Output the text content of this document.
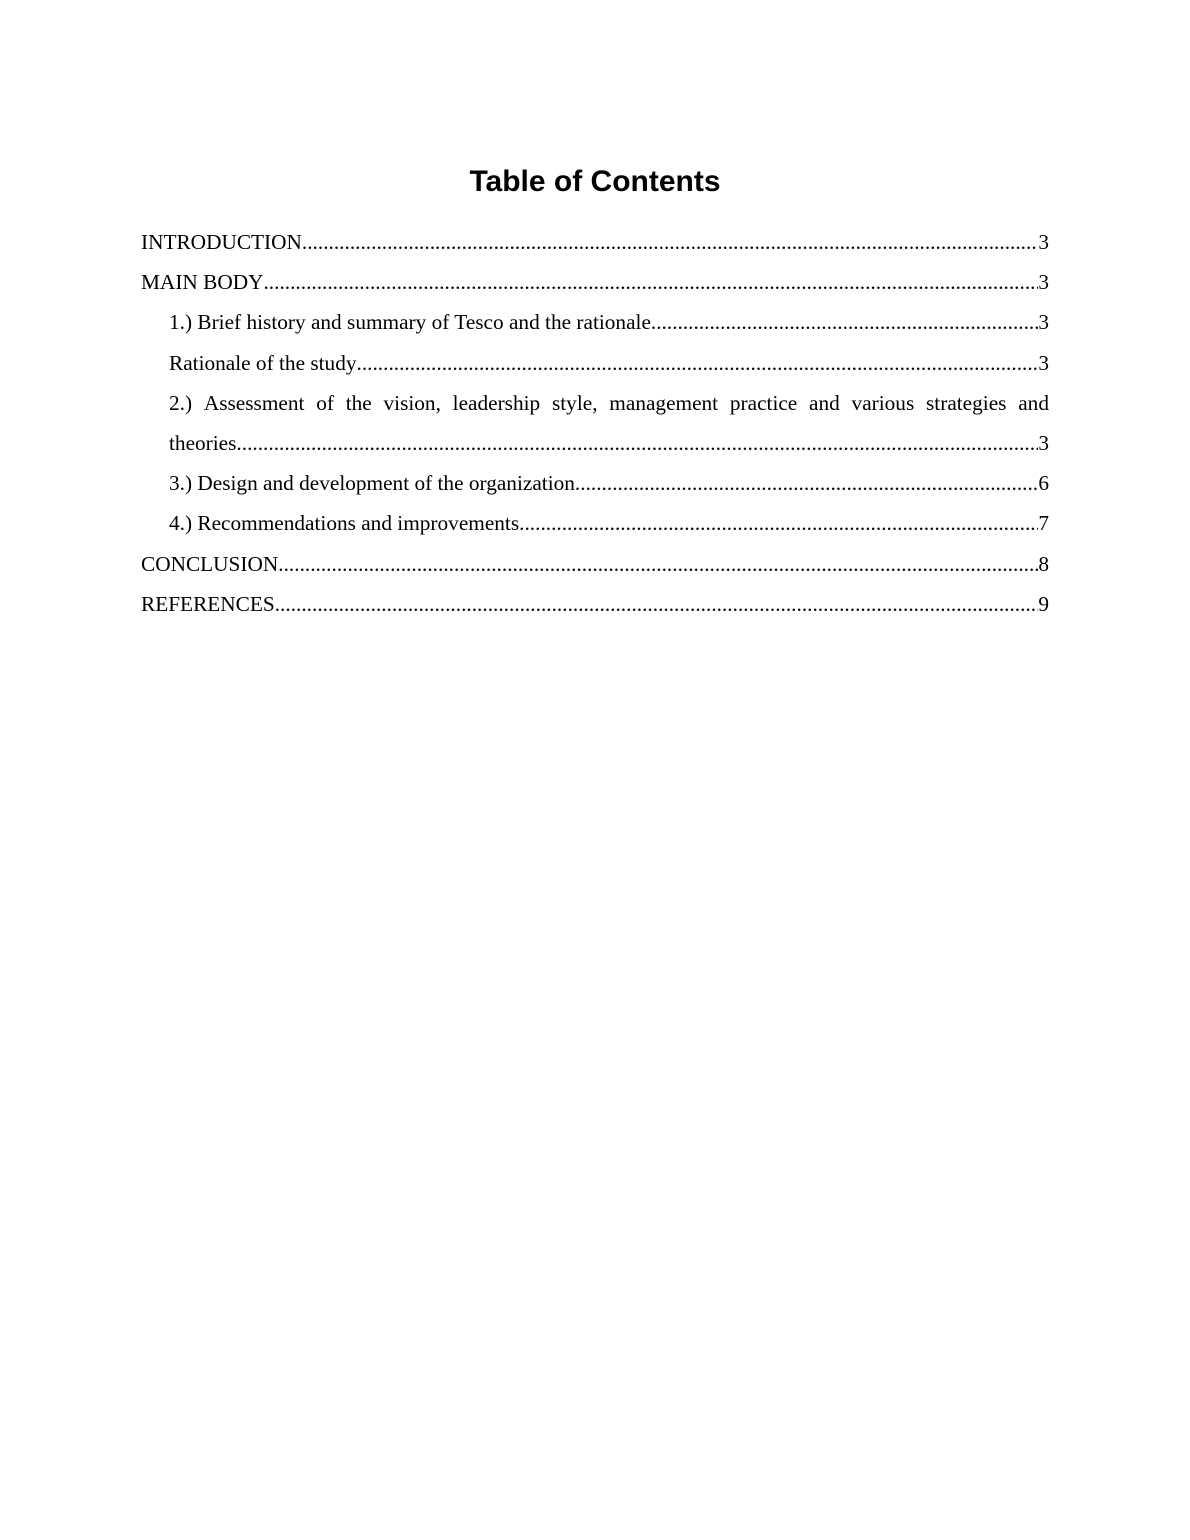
Table of Contents
INTRODUCTION .....	3
MAIN BODY .....	3
1.) Brief history and summary of Tesco and the rationale .....	3
Rationale of the study .....	3
2.) Assessment of the vision, leadership style, management practice and various strategies and
theories .....	3
3.) Design and development of the organization .....	6
4.) Recommendations and improvements .....	7
CONCLUSION .....	8
REFERENCES .....	9
